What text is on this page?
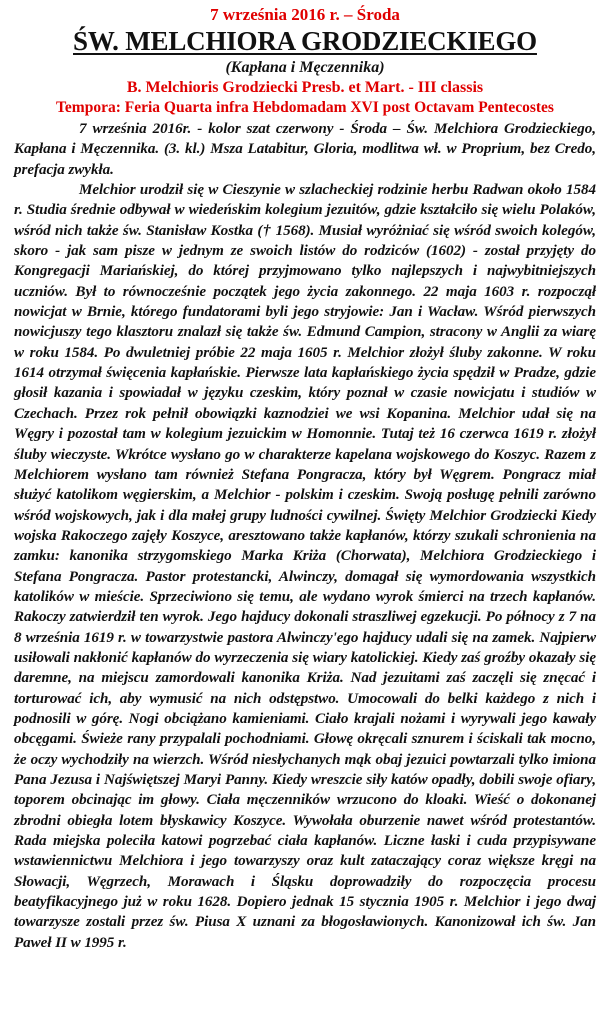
7 września 2016 r. – Środa

ŚW. MELCHIORA GRODZIECKIEGO

(Kapłana i Męczennika)

B. Melchioris Grodziecki Presb. et Mart. - III classis

Tempora: Feria Quarta infra Hebdomadam XVI post Octavam Pentecostes

7 września 2016r. - kolor szat czerwony - Środa – Św. Melchiora Grodzieckiego, Kapłana i Męczennika. (3. kl.) Msza Latabitur, Gloria, modlitwa wł. w Proprium, bez Credo, prefacja zwykła.

Melchior urodził się w Cieszynie w szlacheckiej rodzinie herbu Radwan około 1584 r. Studia średnie odbywał w wiedeńskim kolegium jezuitów, gdzie kształciło się wielu Polaków, wśród nich także św. Stanisław Kostka († 1568). Musiał wyróżniać się wśród swoich kolegów, skoro - jak sam pisze w jednym ze swoich listów do rodziców (1602) - został przyjęty do Kongregacji Mariańskiej, do której przyjmowano tylko najlepszych i najwybitniejszych uczniów. Był to równocześnie początek jego życia zakonnego. 22 maja 1603 r. rozpoczął nowicjat w Brnie, którego fundatorami byli jego stryjowie: Jan i Wacław. Wśród pierwszych nowicjuszy tego klasztoru znalazł się także św. Edmund Campion, stracony w Anglii za wiarę w roku 1584. Po dwuletniej próbie 22 maja 1605 r. Melchior złożył śluby zakonne. W roku 1614 otrzymał święcenia kapłańskie. Pierwsze lata kapłańskiego życia spędził w Pradze, gdzie głosił kazania i spowiadał w języku czeskim, który poznał w czasie nowicjatu i studiów w Czechach. Przez rok pełnił obowiązki kaznodziei we wsi Kopanina. Melchior udał się na Węgry i pozostał tam w kolegium jezuickim w Homonnie. Tutaj też 16 czerwca 1619 r. złożył śluby wieczyste. Wkrótce wysłano go w charakterze kapelana wojskowego do Koszyc. Razem z Melchiorem wysłano tam również Stefana Pongracza, który był Węgrem. Pongracz miał służyć katolikom węgierskim, a Melchior - polskim i czeskim. Swoją posługę pełnili zarówno wśród wojskowych, jak i dla małej grupy ludności cywilnej. Święty Melchior Grodziecki Kiedy wojska Rakoczego zajęły Koszyce, aresztowano także kapłanów, którzy szukali schronienia na zamku: kanonika strzygomskiego Marka Kriża (Chorwata), Melchiora Grodzieckiego i Stefana Pongracza. Pastor protestancki, Alwinczy, domagał się wymordowania wszystkich katolików w mieście. Sprzeciwiono się temu, ale wydano wyrok śmierci na trzech kapłanów. Rakoczy zatwierdził ten wyrok. Jego hajducy dokonali straszliwej egzekucji. Po północy z 7 na 8 września 1619 r. w towarzystwie pastora Alwinczy'ego hajducy udali się na zamek. Najpierw usiłowali nakłonić kapłanów do wyrzeczenia się wiary katolickiej. Kiedy zaś groźby okazały się daremne, na miejscu zamordowali kanonika Kriża. Nad jezuitami zaś zaczęli się znęcać i torturować ich, aby wymusić na nich odstępstwo. Umocowali do belki każdego z nich i podnosili w górę. Nogi obciążano kamieniami. Ciało krajali nożami i wyrywali jego kawały obcęgami. Świeże rany przypalali pochodniami. Głowę okręcali sznurem i ściskali tak mocno, że oczy wychodziły na wierzch. Wśród niesłychanych mąk obaj jezuici powtarzali tylko imiona Pana Jezusa i Najświętszej Maryi Panny. Kiedy wreszcie siły katów opadły, dobili swoje ofiary, toporem obcinając im głowy. Ciała męczenników wrzucono do kloaki. Wieść o dokonanej zbrodni obiegła lotem błyskawicy Koszyce. Wywołała oburzenie nawet wśród protestantów. Rada miejska poleciła katowi pogrzebać ciała kapłanów. Liczne łaski i cuda przypisywane wstawiennictwu Melchiora i jego towarzyszy oraz kult zataczający coraz większe kręgi na Słowacji, Węgrzech, Morawach i Śląsku doprowadziły do rozpoczęcia procesu beatyfikacyjnego już w roku 1628. Dopiero jednak 15 stycznia 1905 r. Melchior i jego dwaj towarzysze zostali przez św. Piusa X uznani za błogosławionych. Kanonizował ich św. Jan Paweł II w 1995 r.
